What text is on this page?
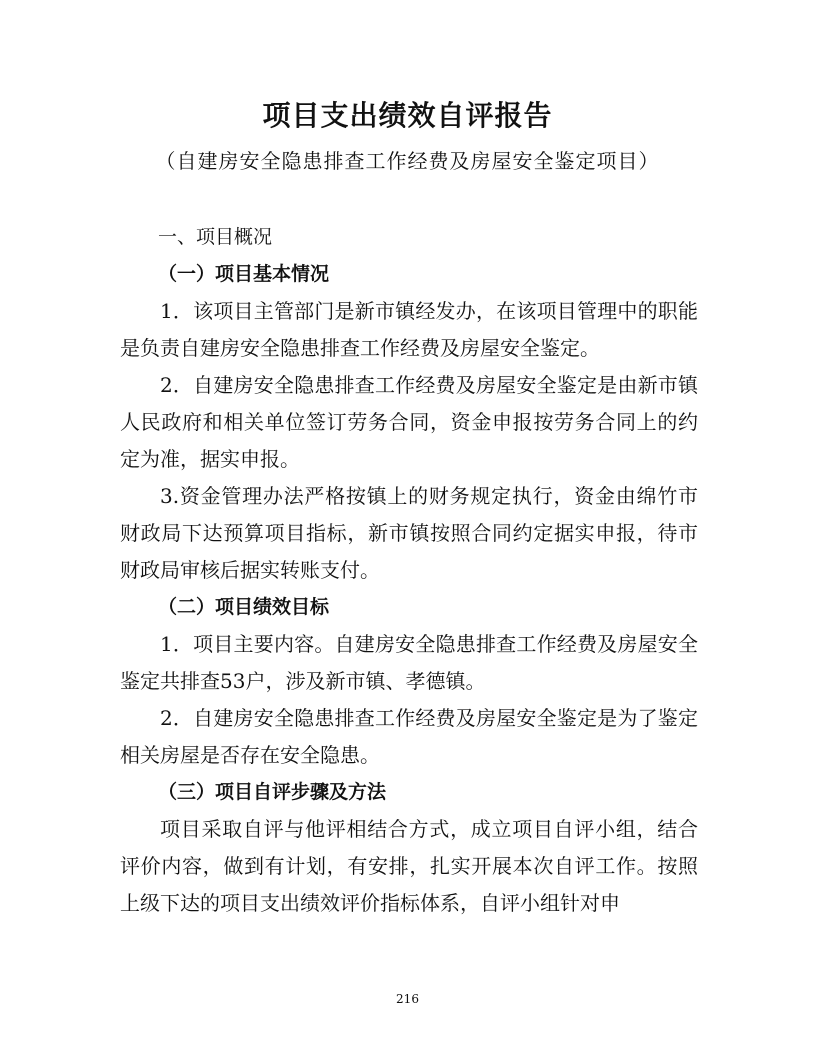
项目支出绩效自评报告
（自建房安全隐患排查工作经费及房屋安全鉴定项目）

一、项目概况

（一）项目基本情况

1．该项目主管部门是新市镇经发办，在该项目管理中的职能是负责自建房安全隐患排查工作经费及房屋安全鉴定。

2．自建房安全隐患排查工作经费及房屋安全鉴定是由新市镇人民政府和相关单位签订劳务合同，资金申报按劳务合同上的约定为准，据实申报。

3.资金管理办法严格按镇上的财务规定执行，资金由绵竹市财政局下达预算项目指标，新市镇按照合同约定据实申报，待市财政局审核后据实转账支付。

（二）项目绩效目标

1．项目主要内容。自建房安全隐患排查工作经费及房屋安全鉴定共排查53户，涉及新市镇、孝德镇。

2．自建房安全隐患排查工作经费及房屋安全鉴定是为了鉴定相关房屋是否存在安全隐患。

（三）项目自评步骤及方法

项目采取自评与他评相结合方式，成立项目自评小组，结合评价内容，做到有计划，有安排，扎实开展本次自评工作。按照上级下达的项目支出绩效评价指标体系，自评小组针对申

216
